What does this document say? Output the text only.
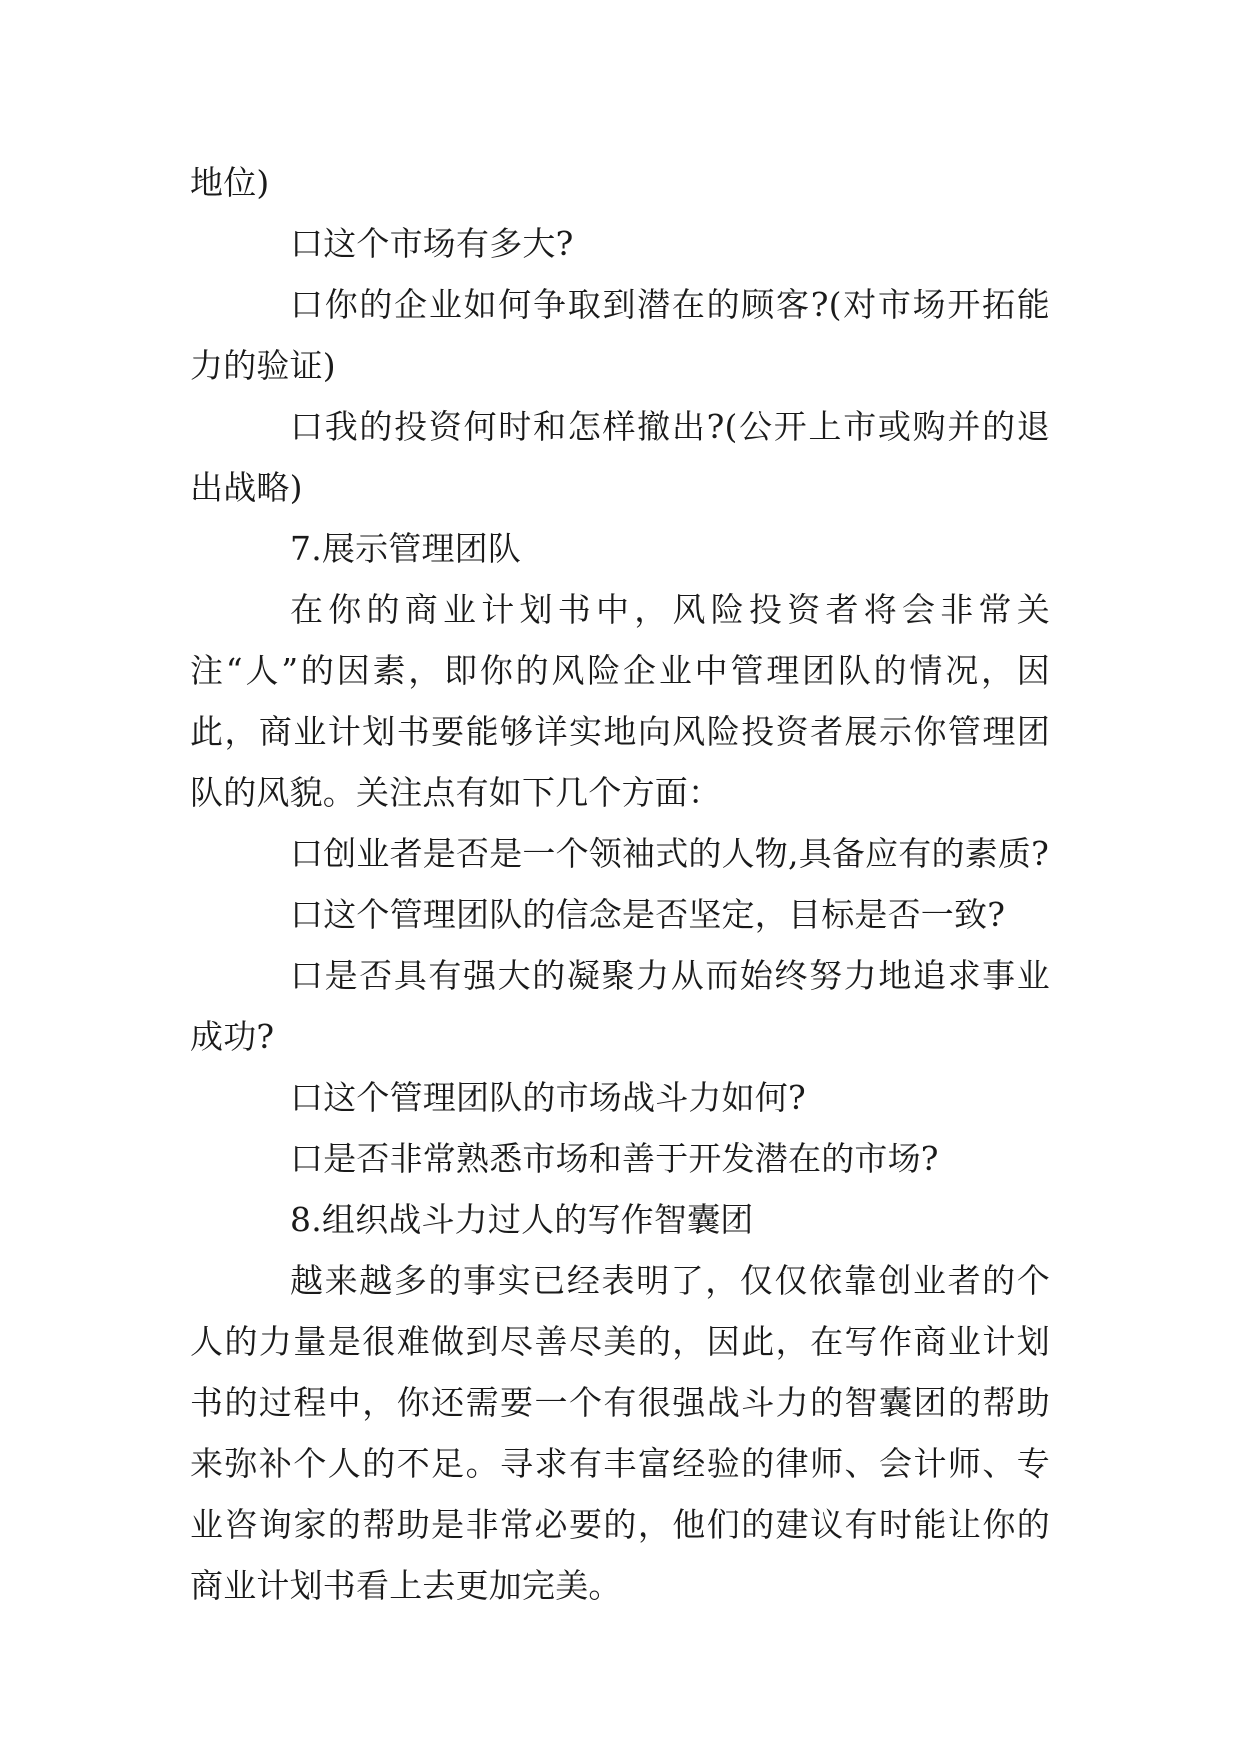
地位)

口这个市场有多大?

口你的企业如何争取到潜在的顾客?(对市场开拓能力的验证)

口我的投资何时和怎样撤出?(公开上市或购并的退出战略)

7.展示管理团队

在你的商业计划书中，风险投资者将会非常关注“人”的因素，即你的风险企业中管理团队的情况，因此，商业计划书要能够详实地向风险投资者展示你管理团队的风貌。关注点有如下几个方面：

口创业者是否是一个领袖式的人物,具备应有的素质?

口这个管理团队的信念是否坚定，目标是否一致?

口是否具有强大的凝聚力从而始终努力地追求事业成功?

口这个管理团队的市场战斗力如何?

口是否非常熟悉市场和善于开发潜在的市场?

8.组织战斗力过人的写作智囊团

越来越多的事实已经表明了，仅仅依靠创业者的个人的力量是很难做到尽善尽美的，因此，在写作商业计划书的过程中，你还需要一个有很强战斗力的智囊团的帮助来弥补个人的不足。寻求有丰富经验的律师、会计师、专业咨询家的帮助是非常必要的，他们的建议有时能让你的商业计划书看上去更加完美。
